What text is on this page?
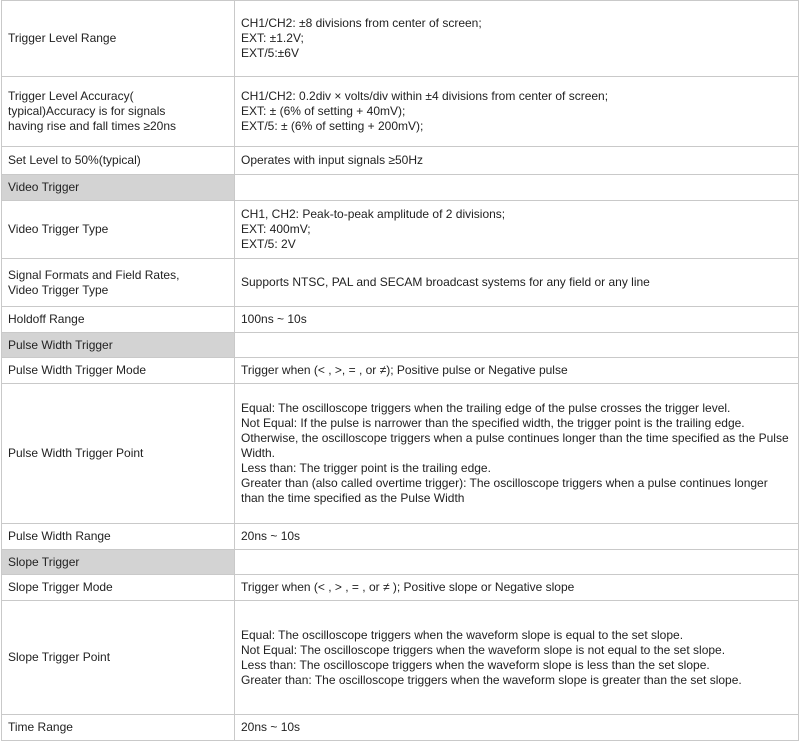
Trigger Level Range	CH1/CH2: ±8 divisions from center of screen;
EXT: ±1.2V;
EXT/5:±6V
Trigger Level Accuracy(
typical)Accuracy is for signals
having rise and fall times ≥20ns	CH1/CH2: 0.2div × volts/div within ±4 divisions from center of screen;
EXT: ± (6% of setting + 40mV);
EXT/5: ± (6% of setting + 200mV);
Set Level to 50%(typical)	Operates with input signals ≥50Hz
Video Trigger	
Video Trigger Type	CH1, CH2: Peak-to-peak amplitude of 2 divisions;
EXT: 400mV;
EXT/5: 2V
Signal Formats and Field Rates,
Video Trigger Type	Supports NTSC, PAL and SECAM broadcast systems for any field or any line
Holdoff Range	100ns ~ 10s
Pulse Width Trigger	
Pulse Width Trigger Mode	Trigger when (< , >, = , or ≠); Positive pulse or Negative pulse
Pulse Width Trigger Point	Equal: The oscilloscope triggers when the trailing edge of the pulse crosses the trigger level.
Not Equal: If the pulse is narrower than the specified width, the trigger point is the trailing edge. Otherwise, the oscilloscope triggers when a pulse continues longer than the time specified as the Pulse Width.
Less than: The trigger point is the trailing edge.
Greater than (also called overtime trigger): The oscilloscope triggers when a pulse continues longer than the time specified as the Pulse Width
Pulse Width Range	20ns ~ 10s
Slope Trigger	
Slope Trigger Mode	Trigger when (< , > , = , or ≠ ); Positive slope or Negative slope
Slope Trigger Point	Equal: The oscilloscope triggers when the waveform slope is equal to the set slope.
Not Equal: The oscilloscope triggers when the waveform slope is not equal to the set slope.
Less than: The oscilloscope triggers when the waveform slope is less than the set slope.
Greater than: The oscilloscope triggers when the waveform slope is greater than the set slope.
Time Range	20ns ~ 10s
